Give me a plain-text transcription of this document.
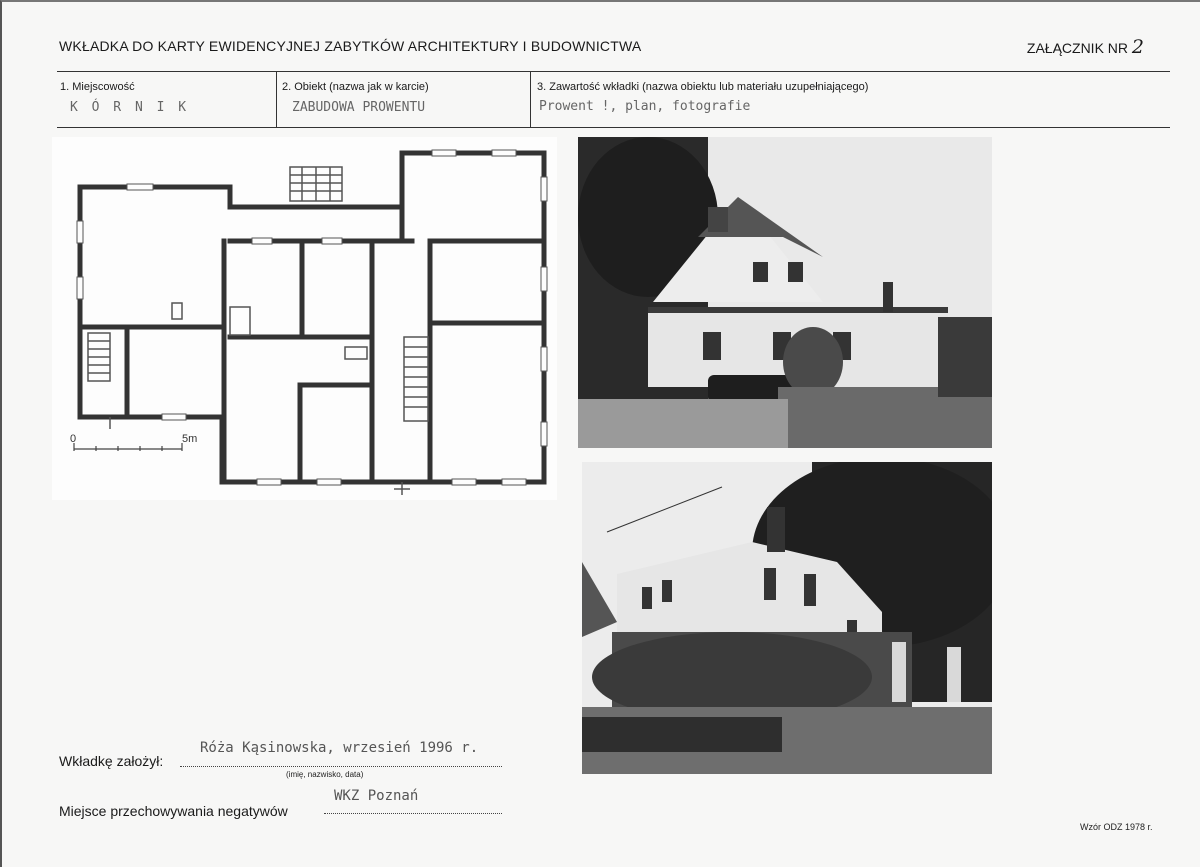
WKŁADKA DO KARTY EWIDENCYJNEJ ZABYTKÓW ARCHITEKTURY I BUDOWNICTWA	ZAŁĄCZNIK NR 2
1. Miejscowość
K Ó R N I K
2. Obiekt (nazwa jak w karcie)
ZABUDOWA PROWENTU
3. Zawartość wkładki (nazwa obiektu lub materiału uzupełniającego)
Prowent !, plan, fotografie
0	5m
Wkładkę założył:
Róża Kąsinowska, wrzesień 1996 r.
(imię, nazwisko, data)
Miejsce przechowywania negatywów
WKZ Poznań
Wzór ODZ 1978 r.
